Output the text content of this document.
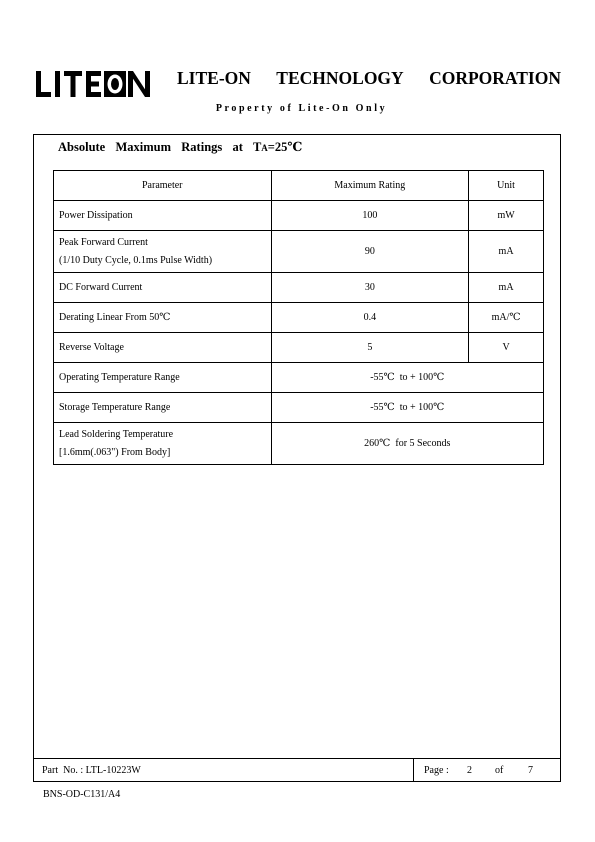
LITE-ON TECHNOLOGY CORPORATION
Property of Lite-On Only
Absolute  Maximum  Ratings  at  TA=25℃
Parameter	Maximum Rating	Unit
Power Dissipation	100	mW

Peak Forward Current
(1/10 Duty Cycle, 0.1ms Pulse Width)	90	mA
DC Forward Current	30	mA
Derating Linear From 50℃	0.4	mA/℃
Reverse Voltage	5	V
Operating Temperature Range	-55℃  to + 100℃	
Storage Temperature Range	-55℃  to + 100℃	

Lead Soldering Temperature
[1.6mm(.063") From Body]	260℃  for 5 Seconds	
Part  No. : LTL-10223W	Page : 2 of 7
BNS-OD-C131/A4
